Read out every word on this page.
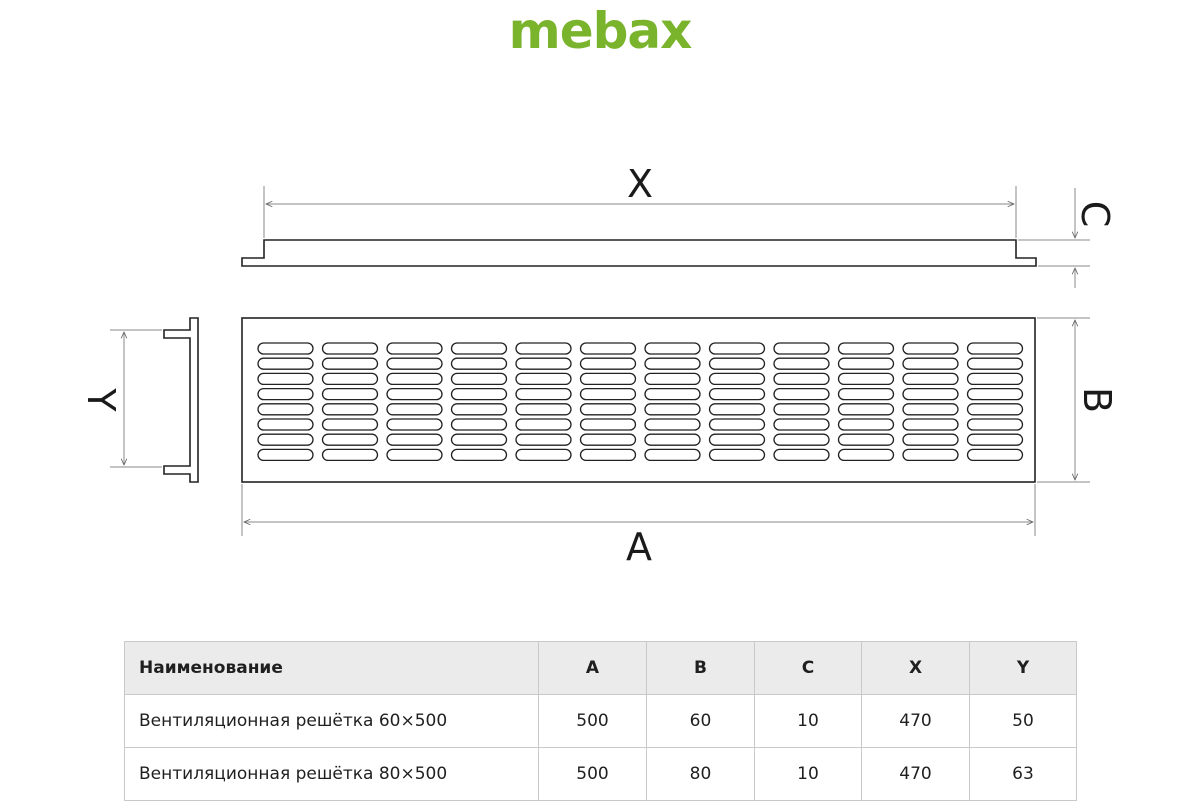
mebax
X
C
Y	B
A
Наименование	A	B	C	X	Y
Вентиляционная решётка 60×500	500	60	10	470	50
Вентиляционная решётка 80×500	500	80	10	470	63
